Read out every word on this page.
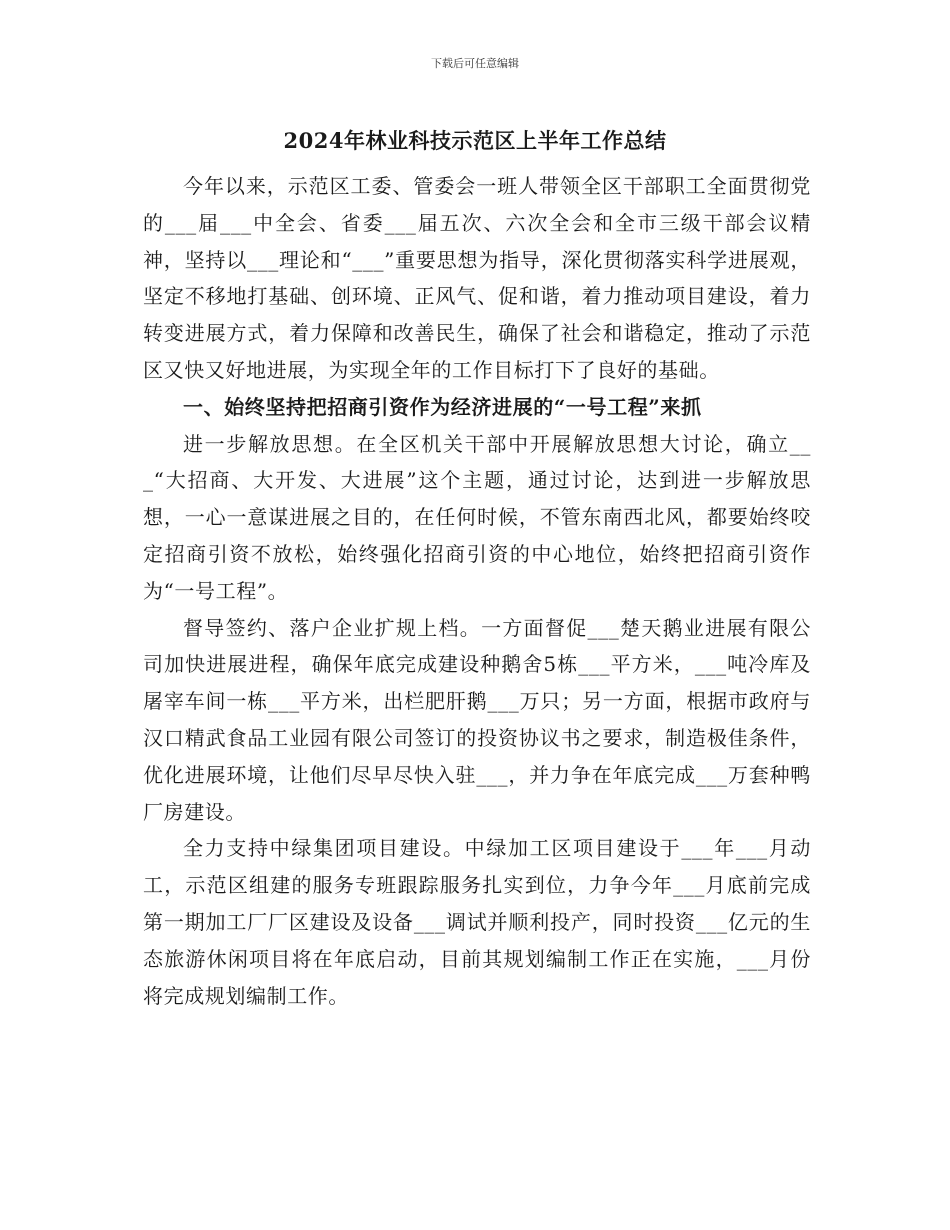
下载后可任意编辑
2024年林业科技示范区上半年工作总结

今年以来，示范区工委、管委会一班人带领全区干部职工全面贯彻党的___届___中全会、省委___届五次、六次全会和全市三级干部会议精神，坚持以___理论和“___”重要思想为指导，深化贯彻落实科学进展观，坚定不移地打基础、创环境、正风气、促和谐，着力推动项目建设，着力转变进展方式，着力保障和改善民生，确保了社会和谐稳定，推动了示范区又快又好地进展，为实现全年的工作目标打下了良好的基础。

一、始终坚持把招商引资作为经济进展的“一号工程”来抓

进一步解放思想。在全区机关干部中开展解放思想大讨论，确立___“大招商、大开发、大进展”这个主题，通过讨论，达到进一步解放思想，一心一意谋进展之目的，在任何时候，不管东南西北风，都要始终咬定招商引资不放松，始终强化招商引资的中心地位，始终把招商引资作为“一号工程”。

督导签约、落户企业扩规上档。一方面督促___楚天鹅业进展有限公司加快进展进程，确保年底完成建设种鹅舍5栋___平方米，___吨冷库及屠宰车间一栋___平方米，出栏肥肝鹅___万只；另一方面，根据市政府与汉口精武食品工业园有限公司签订的投资协议书之要求，制造极佳条件，优化进展环境，让他们尽早尽快入驻___，并力争在年底完成___万套种鸭厂房建设。

全力支持中绿集团项目建设。中绿加工区项目建设于___年___月动工，示范区组建的服务专班跟踪服务扎实到位，力争今年___月底前完成第一期加工厂厂区建设及设备___调试并顺利投产，同时投资___亿元的生态旅游休闲项目将在年底启动，目前其规划编制工作正在实施，___月份将完成规划编制工作。
